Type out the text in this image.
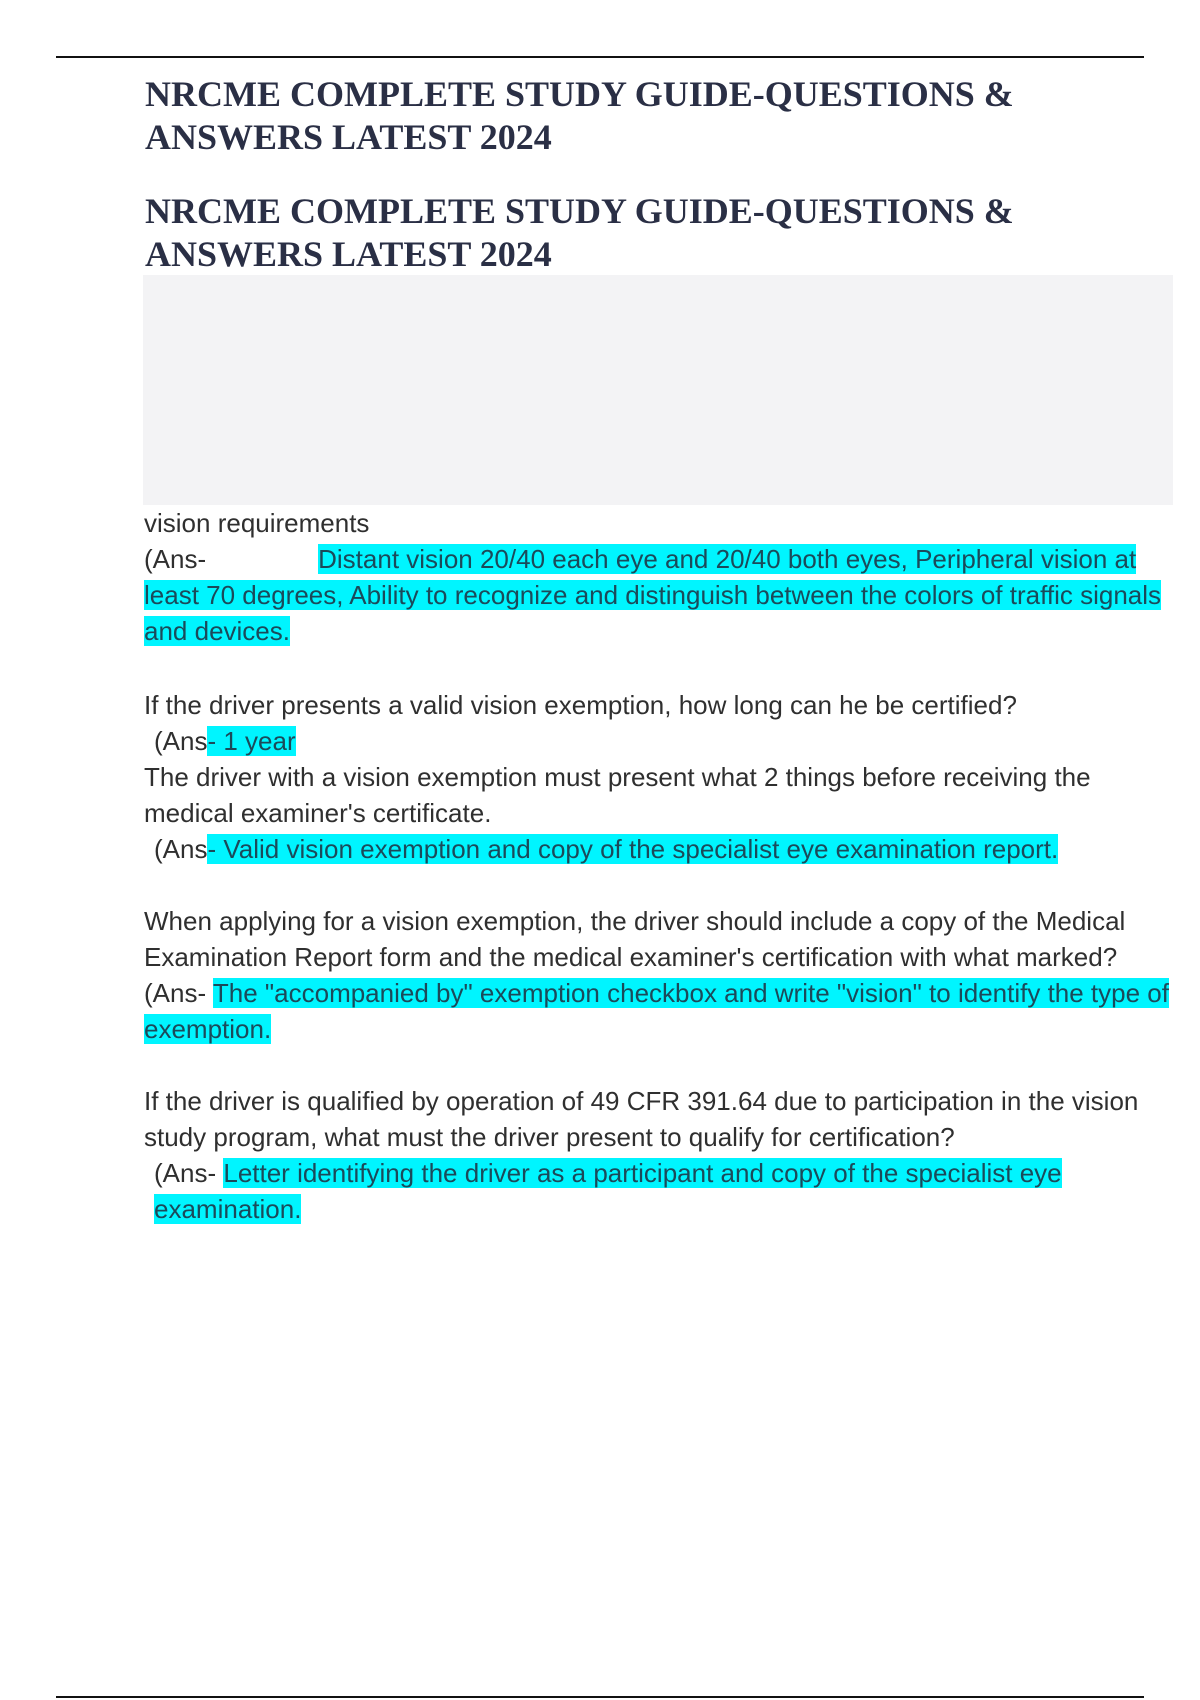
NRCME COMPLETE STUDY GUIDE-QUESTIONS & ANSWERS LATEST 2024
NRCME COMPLETE STUDY GUIDE-QUESTIONS & ANSWERS LATEST 2024

vision requirements

(Ans-	Distant vision 20/40 each eye and 20/40 both eyes, Peripheral vision at least 70 degrees, Ability to recognize and distinguish between the colors of traffic signals and devices.

If the driver presents a valid vision exemption, how long can he be certified?

(Ans- 1 year

The driver with a vision exemption must present what 2 things before receiving the medical examiner's certificate.

(Ans- Valid vision exemption and copy of the specialist eye examination report.

When applying for a vision exemption, the driver should include a copy of the Medical Examination Report form and the medical examiner's certification with what marked?

(Ans- The "accompanied by" exemption checkbox and write "vision" to identify the type of exemption.

If the driver is qualified by operation of 49 CFR 391.64 due to participation in the vision study program, what must the driver present to qualify for certification?

(Ans- Letter identifying the driver as a participant and copy of the specialist eye examination.
